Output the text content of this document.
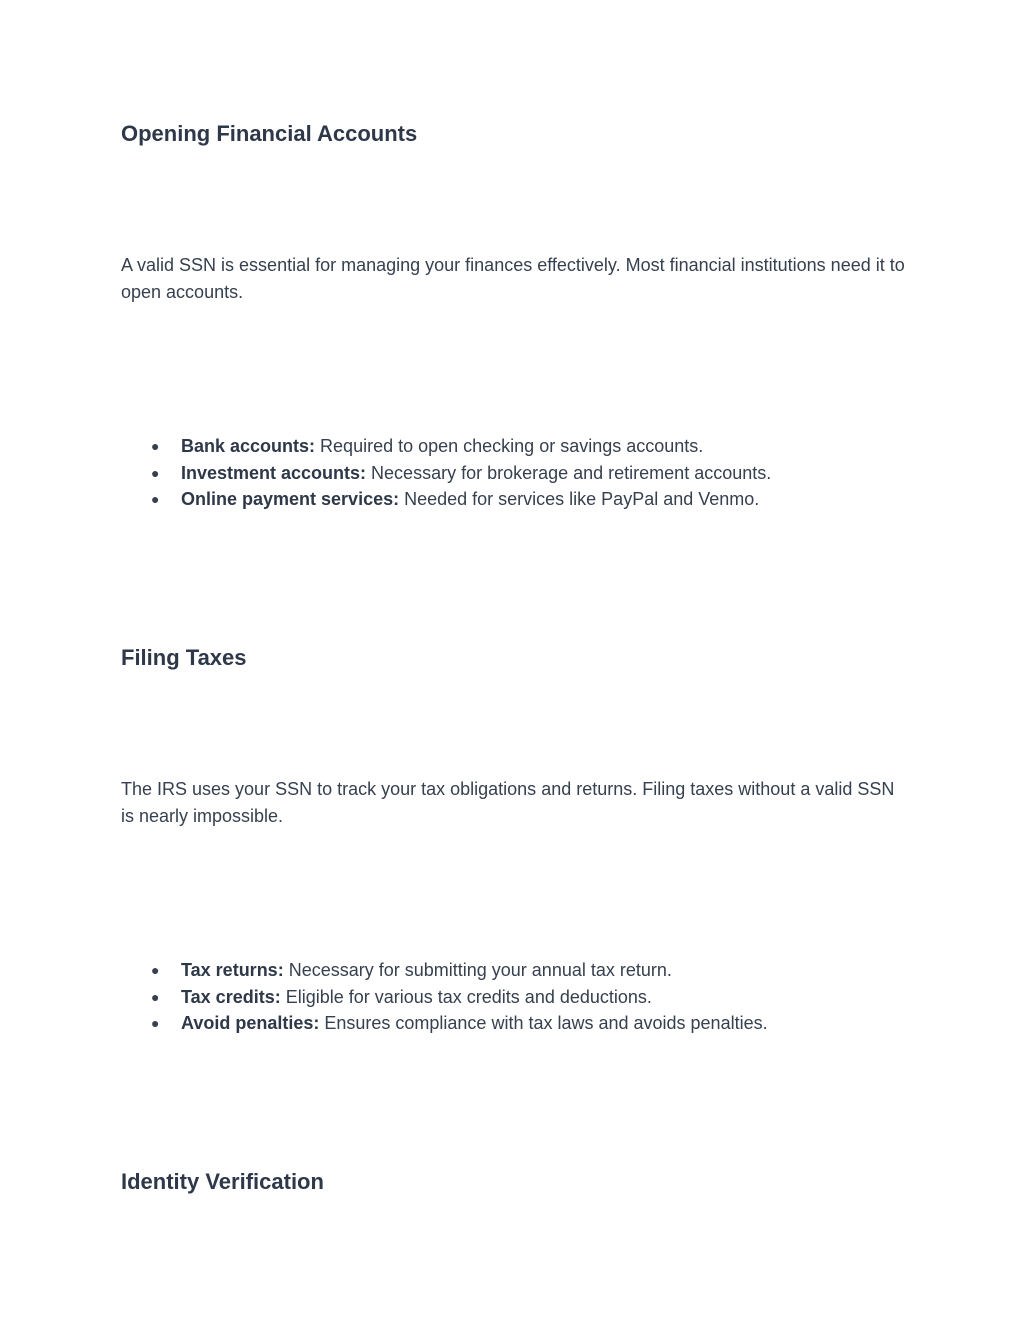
Opening Financial Accounts

A valid SSN is essential for managing your finances effectively. Most financial institutions need it to open accounts.

● Bank accounts: Required to open checking or savings accounts.
● Investment accounts: Necessary for brokerage and retirement accounts.
● Online payment services: Needed for services like PayPal and Venmo.
Filing Taxes

The IRS uses your SSN to track your tax obligations and returns. Filing taxes without a valid SSN is nearly impossible.

● Tax returns: Necessary for submitting your annual tax return.
● Tax credits: Eligible for various tax credits and deductions.
● Avoid penalties: Ensures compliance with tax laws and avoids penalties.
Identity Verification
